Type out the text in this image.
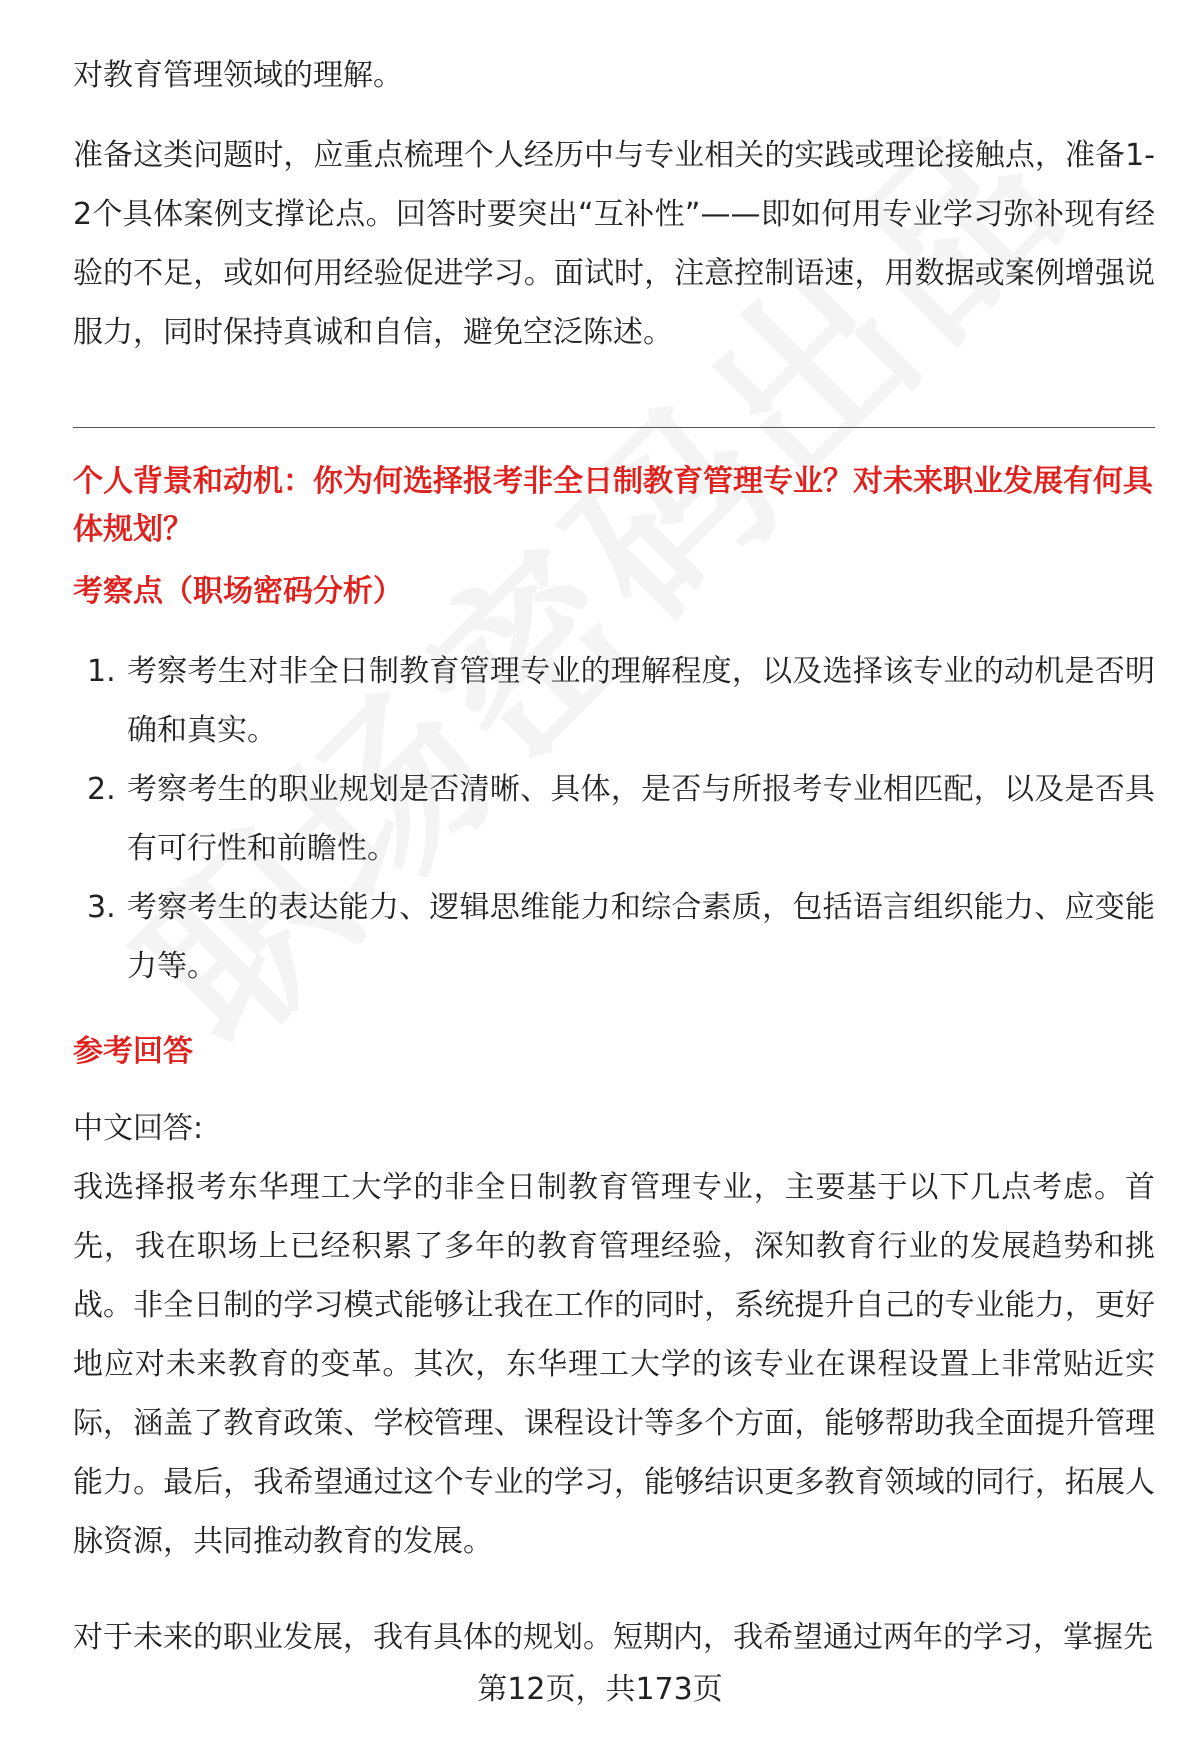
对教育管理领域的理解。

准备这类问题时，应重点梳理个人经历中与专业相关的实践或理论接触点，准备1-2个具体案例支撑论点。回答时要突出“互补性”——即如何用专业学习弥补现有经验的不足，或如何用经验促进学习。面试时，注意控制语速，用数据或案例增强说服力，同时保持真诚和自信，避免空泛陈述。

个人背景和动机：你为何选择报考非全日制教育管理专业？对未来职业发展有何具体规划？

考察点（职场密码分析）

1. 考察考生对非全日制教育管理专业的理解程度，以及选择该专业的动机是否明确和真实。
2. 考察考生的职业规划是否清晰、具体，是否与所报考专业相匹配，以及是否具有可行性和前瞻性。
3. 考察考生的表达能力、逻辑思维能力和综合素质，包括语言组织能力、应变能力等。

参考回答

中文回答:

我选择报考东华理工大学的非全日制教育管理专业，主要基于以下几点考虑。首先，我在职场上已经积累了多年的教育管理经验，深知教育行业的发展趋势和挑战。非全日制的学习模式能够让我在工作的同时，系统提升自己的专业能力，更好地应对未来教育的变革。其次，东华理工大学的该专业在课程设置上非常贴近实际，涵盖了教育政策、学校管理、课程设计等多个方面，能够帮助我全面提升管理能力。最后，我希望通过这个专业的学习，能够结识更多教育领域的同行，拓展人脉资源，共同推动教育的发展。

对于未来的职业发展，我有具体的规划。短期内，我希望通过两年的学习，掌握先

第12页，共173页
